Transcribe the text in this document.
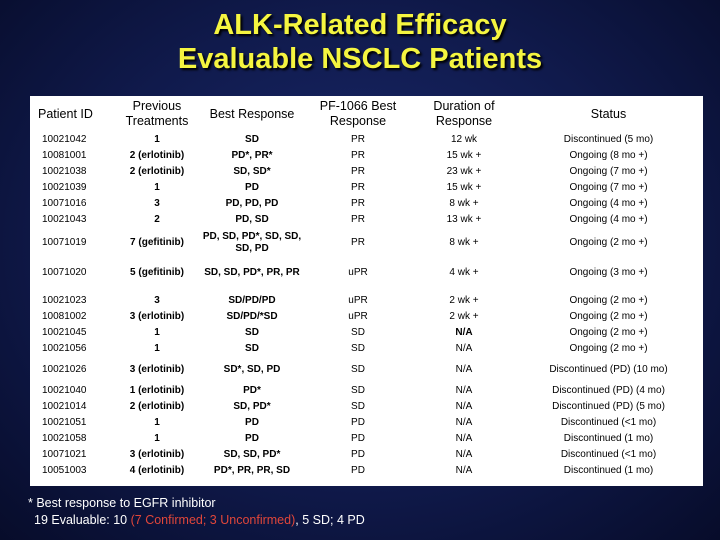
ALK-Related Efficacy
Evaluable NSCLC Patients
Patient ID	Previous Treatments	Best Response	PF-1066 Best Response	Duration of Response	Status
10021042	1	SD	PR	12 wk	Discontinued (5 mo)
10081001	2 (erlotinib)	PD*, PR*	PR	15 wk +	Ongoing (8 mo +)
10021038	2 (erlotinib)	SD, SD*	PR	23 wk +	Ongoing (7 mo +)
10021039	1	PD	PR	15 wk +	Ongoing (7 mo +)
10071016	3	PD, PD, PD	PR	8 wk +	Ongoing (4 mo +)
10021043	2	PD, SD	PR	13 wk +	Ongoing (4 mo +)
10071019	7 (gefitinib)	PD, SD, PD*, SD, SD, SD, PD	PR	8 wk +	Ongoing (2 mo +)
10071020	5 (gefitinib)	SD, SD, PD*, PR, PR	uPR	4 wk +	Ongoing (3 mo +)
10021023	3	SD/PD/PD	uPR	2 wk +	Ongoing (2 mo +)
10081002	3 (erlotinib)	SD/PD/*SD	uPR	2 wk +	Ongoing (2 mo +)
10021045	1	SD	SD	N/A	Ongoing (2 mo +)
10021056	1	SD	SD	N/A	Ongoing (2 mo +)
10021026	3 (erlotinib)	SD*, SD, PD	SD	N/A	Discontinued (PD) (10 mo)
10021040	1 (erlotinib)	PD*	SD	N/A	Discontinued (PD) (4 mo)
10021014	2 (erlotinib)	SD, PD*	SD	N/A	Discontinued (PD) (5 mo)
10021051	1	PD	PD	N/A	Discontinued (<1 mo)
10021058	1	PD	PD	N/A	Discontinued (1 mo)
10071021	3 (erlotinib)	SD, SD, PD*	PD	N/A	Discontinued (<1 mo)
10051003	4 (erlotinib)	PD*, PR, PR, SD	PD	N/A	Discontinued (1 mo)
* Best response to EGFR inhibitor
19 Evaluable: 10 (7 Confirmed; 3 Unconfirmed), 5 SD; 4 PD
